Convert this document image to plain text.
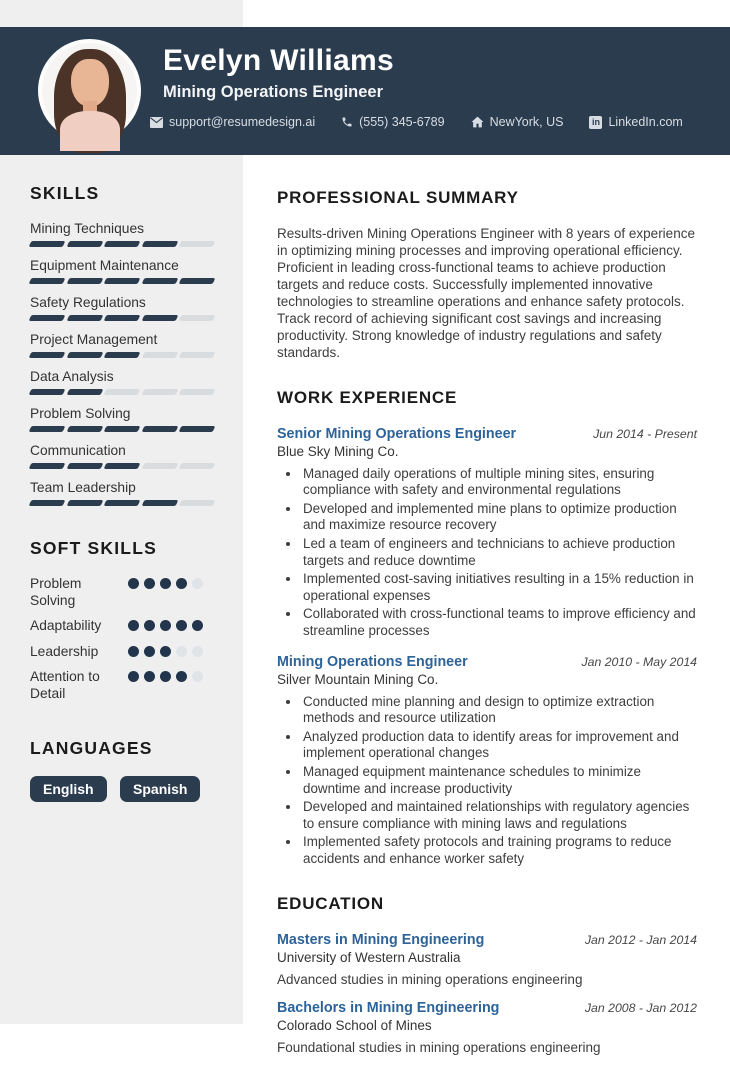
Evelyn Williams
Mining Operations Engineer
support@resumedesign.ai	(555) 345-6789	NewYork, US	in LinkedIn.com
SKILLS
Mining Techniques
Equipment Maintenance
Safety Regulations
Project Management
Data Analysis
Problem Solving
Communication
Team Leadership
SOFT SKILLS
Problem Solving
Adaptability
Leadership
Attention to Detail
LANGUAGES
English	Spanish
PROFESSIONAL SUMMARY
Results-driven Mining Operations Engineer with 8 years of experience in optimizing mining processes and improving operational efficiency. Proficient in leading cross-functional teams to achieve production targets and reduce costs. Successfully implemented innovative technologies to streamline operations and enhance safety protocols. Track record of achieving significant cost savings and increasing productivity. Strong knowledge of industry regulations and safety standards.
WORK EXPERIENCE
Senior Mining Operations Engineer	Jun 2014 - Present
Blue Sky Mining Co.
• Managed daily operations of multiple mining sites, ensuring compliance with safety and environmental regulations
• Developed and implemented mine plans to optimize production and maximize resource recovery
• Led a team of engineers and technicians to achieve production targets and reduce downtime
• Implemented cost-saving initiatives resulting in a 15% reduction in operational expenses
• Collaborated with cross-functional teams to improve efficiency and streamline processes
Mining Operations Engineer	Jan 2010 - May 2014
Silver Mountain Mining Co.
• Conducted mine planning and design to optimize extraction methods and resource utilization
• Analyzed production data to identify areas for improvement and implement operational changes
• Managed equipment maintenance schedules to minimize downtime and increase productivity
• Developed and maintained relationships with regulatory agencies to ensure compliance with mining laws and regulations
• Implemented safety protocols and training programs to reduce accidents and enhance worker safety
EDUCATION
Masters in Mining Engineering	Jan 2012 - Jan 2014
University of Western Australia
Advanced studies in mining operations engineering
Bachelors in Mining Engineering	Jan 2008 - Jan 2012
Colorado School of Mines
Foundational studies in mining operations engineering
